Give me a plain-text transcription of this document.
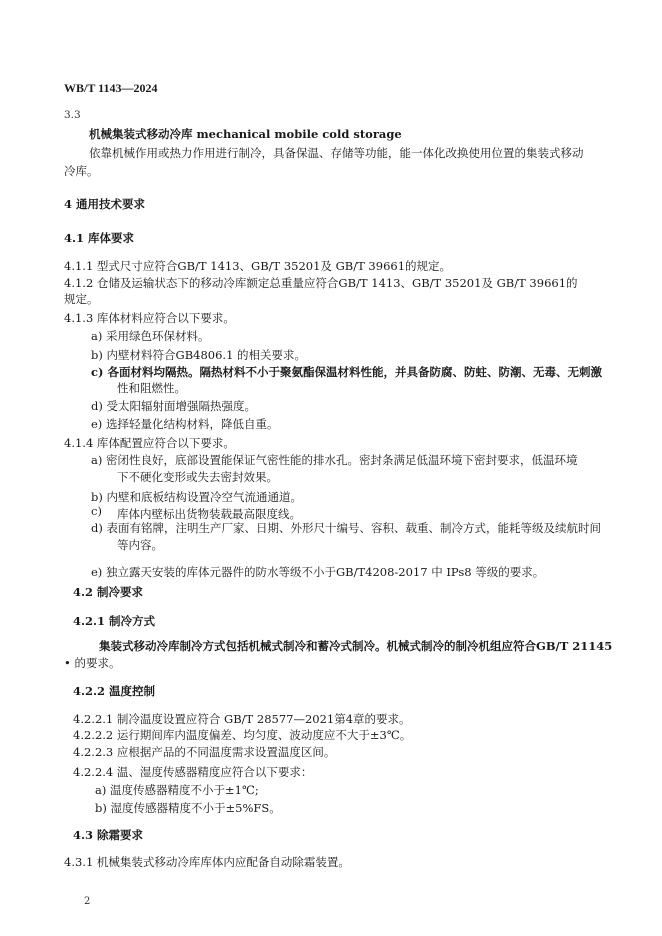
WB/T 1143—2024
3.3
机械集装式移动冷库 mechanical mobile cold storage
依靠机械作用或热力作用进行制冷，具备保温、存储等功能，能一体化改换使用位置的集装式移动
冷库。
4 通用技术要求
4.1 库体要求
4.1.1 型式尺寸应符合GB/T 1413、GB/T 35201及 GB/T 39661的规定。
4.1.2 仓储及运输状态下的移动冷库额定总重量应符合GB/T 1413、GB/T 35201及 GB/T 39661的
规定。
4.1.3 库体材料应符合以下要求。
a) 采用绿色环保材料。
b) 内壁材料符合GB4806.1 的相关要求。
c) 各面材料均隔热。隔热材料不小于聚氨酯保温材料性能，并具备防腐、防蛀、防潮、无毒、无刺激
性和阻燃性。
d) 受太阳辐射面增强隔热强度。
e) 选择轻量化结构材料，降低自重。
4.1.4 库体配置应符合以下要求。
a) 密闭性良好，底部设置能保证气密性能的排水孔。密封条满足低温环境下密封要求，低温环境
下不硬化变形或失去密封效果。
b) 内壁和底板结构设置冷空气流通通道。
c) 库体内壁标出货物装载最高限度线。
d) 表面有铭牌，注明生产厂家、日期、外形尺十编号、容积、载重、制冷方式，能耗等级及续航时间
等内容。
e) 独立露天安装的库体元器件的防水等级不小于GB/T4208-2017 中 IPs8 等级的要求。
4.2 制冷要求
4.2.1 制冷方式
集装式移动冷库制冷方式包括机械式制冷和蓄冷式制冷。机械式制冷的制冷机组应符合GB/T 21145
• 的要求。
4.2.2 温度控制
4.2.2.1 制冷温度设置应符合 GB/T 28577—2021第4章的要求。
4.2.2.2 运行期间库内温度偏差、均匀度、波动度应不大于±3℃。
4.2.2.3 应根据产品的不同温度需求设置温度区间。
4.2.2.4 温、湿度传感器精度应符合以下要求：
a) 温度传感器精度不小于±1℃;
b) 湿度传感器精度不小于±5%FS。
4.3 除霜要求
4.3.1 机械集装式移动冷库库体内应配备自动除霜装置。
2
